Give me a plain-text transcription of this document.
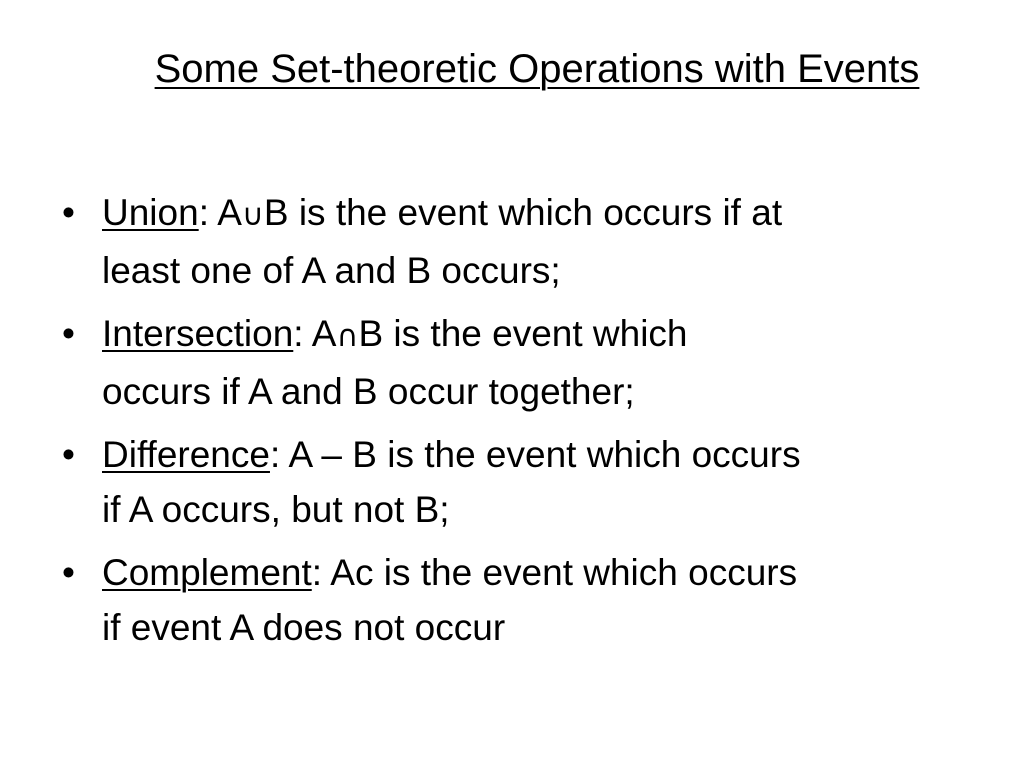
Some Set-theoretic Operations with Events
• Union: A∪B is the event which occurs if at
least one of A and B occurs;
• Intersection: A∩B is the event which
occurs if A and B occur together;
• Difference: A – B is the event which occurs
if A occurs, but not B;
• Complement: Ac is the event which occurs
if event A does not occur
